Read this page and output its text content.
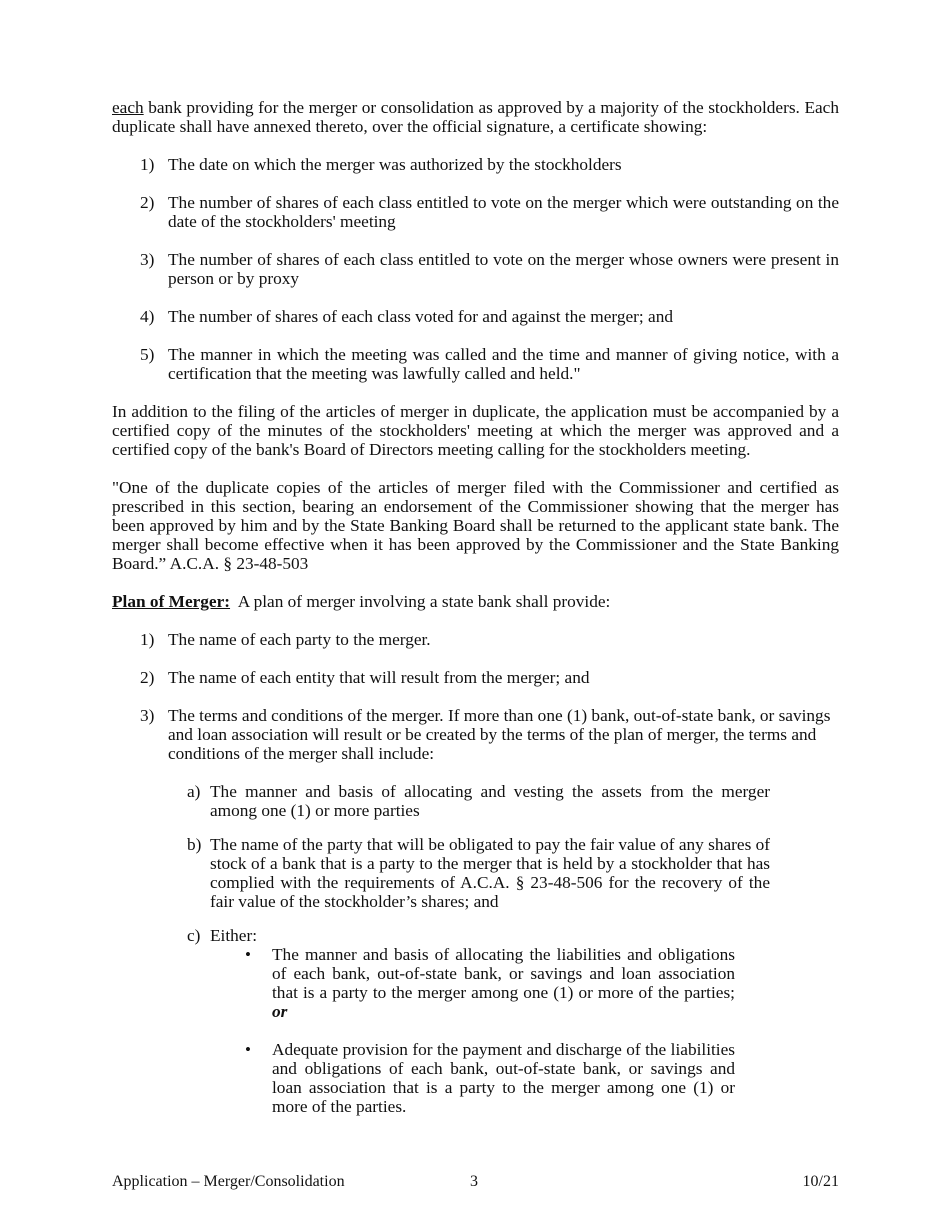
each bank providing for the merger or consolidation as approved by a majority of the stockholders. Each duplicate shall have annexed thereto, over the official signature, a certificate showing:

1) The date on which the merger was authorized by the stockholders
2) The number of shares of each class entitled to vote on the merger which were outstanding on the date of the stockholders' meeting
3) The number of shares of each class entitled to vote on the merger whose owners were present in person or by proxy
4) The number of shares of each class voted for and against the merger; and
5) The manner in which the meeting was called and the time and manner of giving notice, with a certification that the meeting was lawfully called and held."

In addition to the filing of the articles of merger in duplicate, the application must be accompanied by a certified copy of the minutes of the stockholders' meeting at which the merger was approved and a certified copy of the bank's Board of Directors meeting calling for the stockholders meeting.

"One of the duplicate copies of the articles of merger filed with the Commissioner and certified as prescribed in this section, bearing an endorsement of the Commissioner showing that the merger has been approved by him and by the State Banking Board shall be returned to the applicant state bank. The merger shall become effective when it has been approved by the Commissioner and the State Banking Board.” A.C.A. § 23-48-503

Plan of Merger:  A plan of merger involving a state bank shall provide:

1) The name of each party to the merger.
2) The name of each entity that will result from the merger; and
3) The terms and conditions of the merger. If more than one (1) bank, out-of-state bank, or savings and loan association will result or be created by the terms of the plan of merger, the terms and conditions of the merger shall include:
a) The manner and basis of allocating and vesting the assets from the merger among one (1) or more parties
b) The name of the party that will be obligated to pay the fair value of any shares of stock of a bank that is a party to the merger that is held by a stockholder that has complied with the requirements of A.C.A. § 23-48-506 for the recovery of the fair value of the stockholder’s shares; and
c) Either:
• The manner and basis of allocating the liabilities and obligations of each bank, out-of-state bank, or savings and loan association that is a party to the merger among one (1) or more of the parties; or
• Adequate provision for the payment and discharge of the liabilities and obligations of each bank, out-of-state bank, or savings and loan association that is a party to the merger among one (1) or more of the parties.
Application – Merger/Consolidation	3	10/21
